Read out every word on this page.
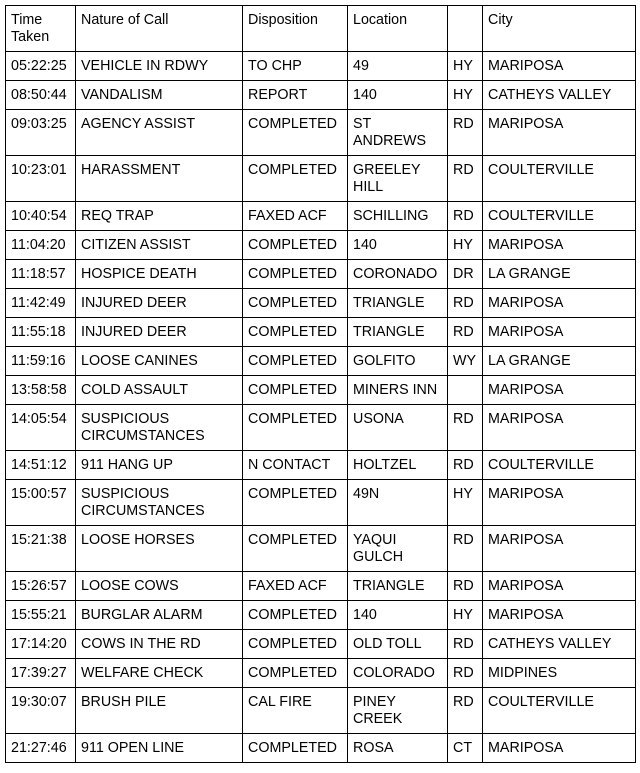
Time
Taken	Nature of Call	Disposition	Location		City
05:22:25	VEHICLE IN RDWY	TO CHP	49	HY	MARIPOSA
08:50:44	VANDALISM	REPORT	140	HY	CATHEYS VALLEY
09:03:25	AGENCY ASSIST	COMPLETED	ST ANDREWS	RD	MARIPOSA
10:23:01	HARASSMENT	COMPLETED	GREELEY HILL	RD	COULTERVILLE
10:40:54	REQ TRAP	FAXED ACF	SCHILLING	RD	COULTERVILLE
11:04:20	CITIZEN ASSIST	COMPLETED	140	HY	MARIPOSA
11:18:57	HOSPICE DEATH	COMPLETED	CORONADO	DR	LA GRANGE
11:42:49	INJURED DEER	COMPLETED	TRIANGLE	RD	MARIPOSA
11:55:18	INJURED DEER	COMPLETED	TRIANGLE	RD	MARIPOSA
11:59:16	LOOSE CANINES	COMPLETED	GOLFITO	WY	LA GRANGE
13:58:58	COLD ASSAULT	COMPLETED	MINERS INN		MARIPOSA
14:05:54	SUSPICIOUS CIRCUMSTANCES	COMPLETED	USONA	RD	MARIPOSA
14:51:12	911 HANG UP	N CONTACT	HOLTZEL	RD	COULTERVILLE
15:00:57	SUSPICIOUS CIRCUMSTANCES	COMPLETED	49N	HY	MARIPOSA
15:21:38	LOOSE HORSES	COMPLETED	YAQUI GULCH	RD	MARIPOSA
15:26:57	LOOSE COWS	FAXED ACF	TRIANGLE	RD	MARIPOSA
15:55:21	BURGLAR ALARM	COMPLETED	140	HY	MARIPOSA
17:14:20	COWS IN THE RD	COMPLETED	OLD TOLL	RD	CATHEYS VALLEY
17:39:27	WELFARE CHECK	COMPLETED	COLORADO	RD	MIDPINES
19:30:07	BRUSH PILE	CAL FIRE	PINEY CREEK	RD	COULTERVILLE
21:27:46	911 OPEN LINE	COMPLETED	ROSA	CT	MARIPOSA
